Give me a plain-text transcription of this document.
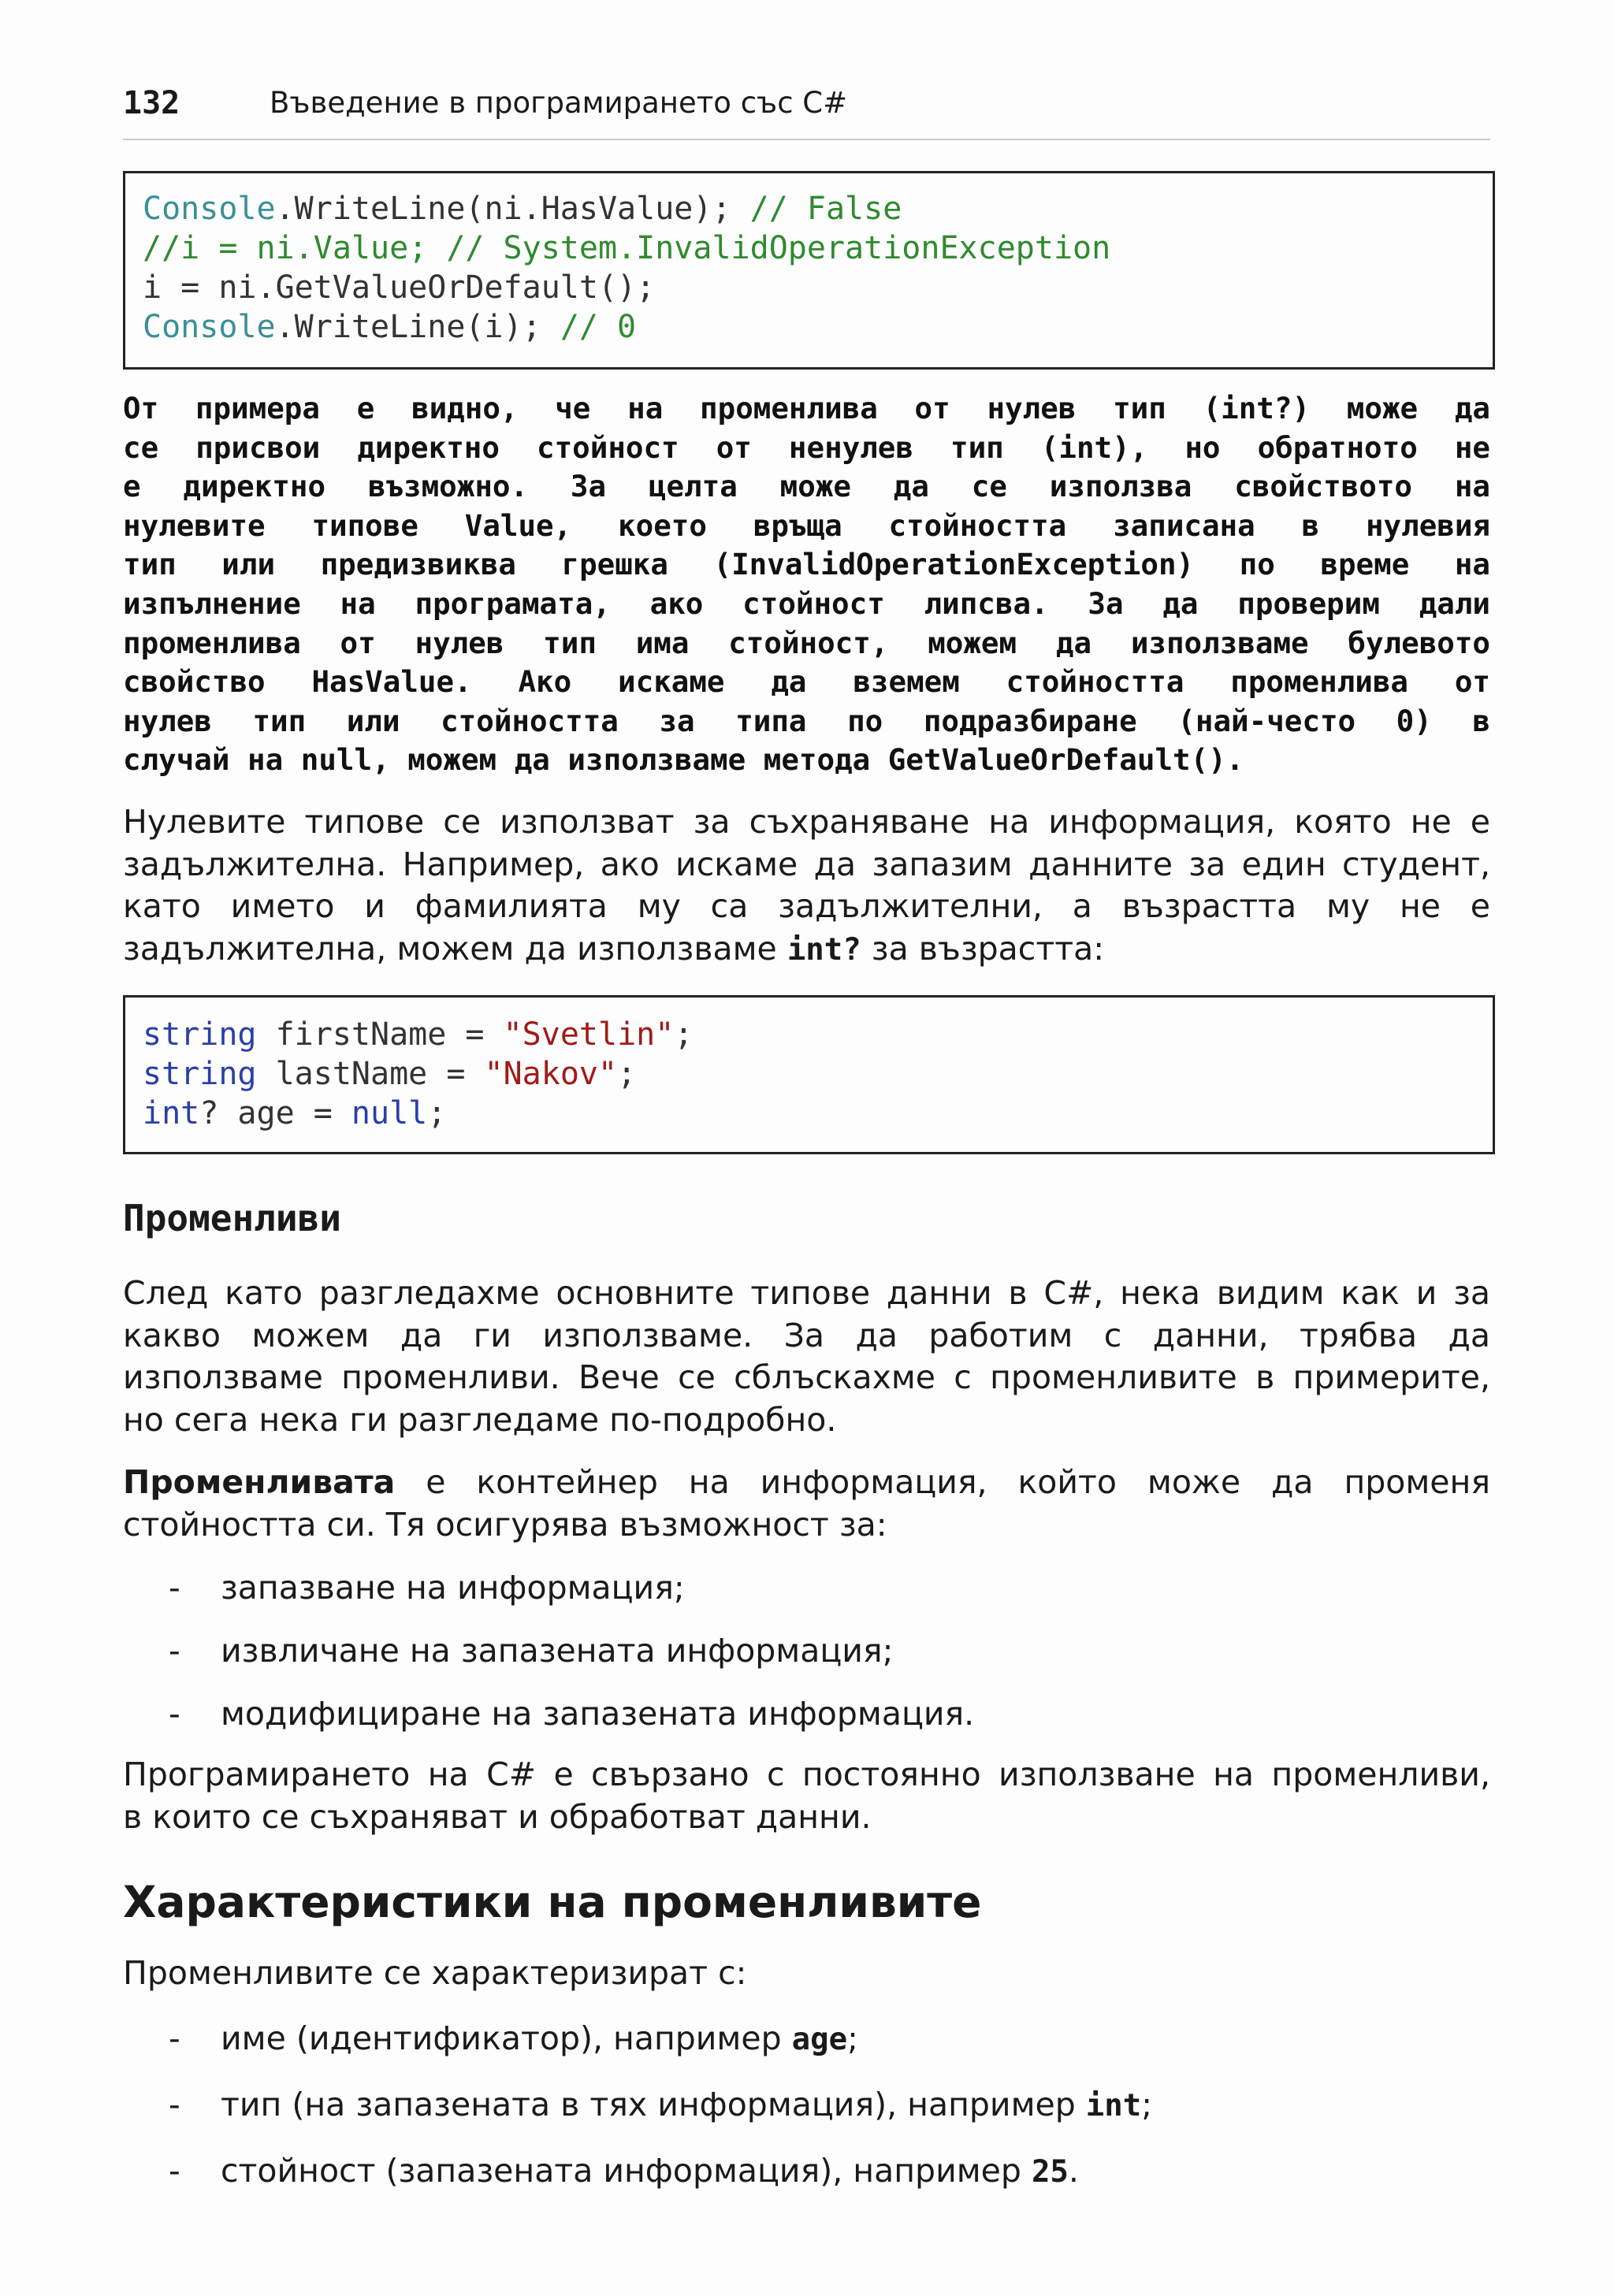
132	Въведение в програмирането със C#
Console.WriteLine(ni.HasValue); // False
//i = ni.Value; // System.InvalidOperationException
i = ni.GetValueOrDefault();
Console.WriteLine(i); // 0
От примера е видно, че на променлива от нулев тип (int?) може да
се присвои директно стойност от ненулев тип (int), но обратното не
е директно възможно. За целта може да се използва свойството на
нулевите типове Value, което връща стойността записана в нулевия
тип или предизвиква грешка (InvalidOperationException) по време на
изпълнение на програмата, ако стойност липсва. За да проверим дали
променлива от нулев тип има стойност, можем да използваме булевото
свойство HasValue. Ако искаме да вземем стойността променлива от
нулев тип или стойността за типа по подразбиране (най-често 0) в
случай на null, можем да използваме метода GetValueOrDefault().
Нулевите типове се използват за съхраняване на информация, която не е
задължителна. Например, ако искаме да запазим данните за един студент,
като името и фамилията му са задължителни, а възрастта му не е
задължителна, можем да използваме int? за възрастта:
string firstName = "Svetlin";
string lastName = "Nakov";
int? age = null;
Променливи
След като разгледахме основните типове данни в C#, нека видим как и за
какво можем да ги използваме. За да работим с данни, трябва да
използваме променливи. Вече се сблъскахме с променливите в примерите,
но сега нека ги разгледаме по-подробно.
Променливата е контейнер на информация, който може да променя
стойността си. Тя осигурява възможност за:
- запазване на информация;
- извличане на запазената информация;
- модифициране на запазената информация.
Програмирането на C# е свързано с постоянно използване на променливи,
в които се съхраняват и обработват данни.
Характеристики на променливите
Променливите се характеризират с:
- име (идентификатор), например age;
- тип (на запазената в тях информация), например int;
- стойност (запазената информация), например 25.
